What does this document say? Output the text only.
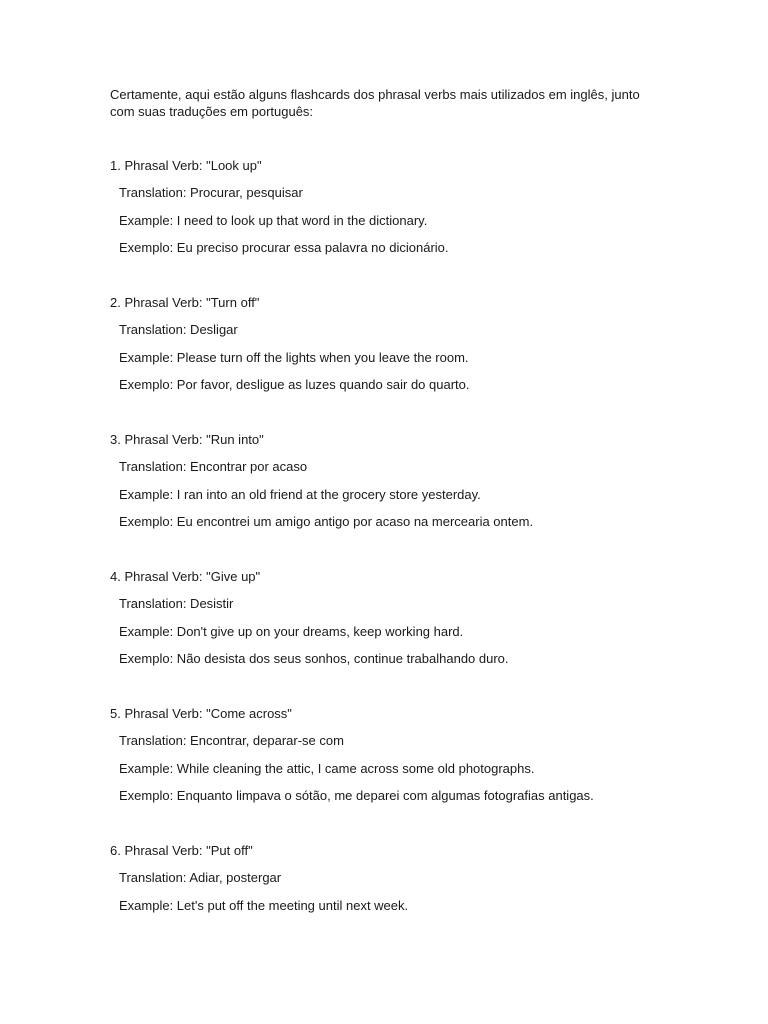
Certamente, aqui estão alguns flashcards dos phrasal verbs mais utilizados em inglês, junto com suas traduções em português:

1. Phrasal Verb: "Look up"
Translation: Procurar, pesquisar
Example: I need to look up that word in the dictionary.
Exemplo: Eu preciso procurar essa palavra no dicionário.
2. Phrasal Verb: "Turn off"
Translation: Desligar
Example: Please turn off the lights when you leave the room.
Exemplo: Por favor, desligue as luzes quando sair do quarto.
3. Phrasal Verb: "Run into"
Translation: Encontrar por acaso
Example: I ran into an old friend at the grocery store yesterday.
Exemplo: Eu encontrei um amigo antigo por acaso na mercearia ontem.
4. Phrasal Verb: "Give up"
Translation: Desistir
Example: Don't give up on your dreams, keep working hard.
Exemplo: Não desista dos seus sonhos, continue trabalhando duro.
5. Phrasal Verb: "Come across"
Translation: Encontrar, deparar-se com
Example: While cleaning the attic, I came across some old photographs.
Exemplo: Enquanto limpava o sótão, me deparei com algumas fotografias antigas.
6. Phrasal Verb: "Put off"
Translation: Adiar, postergar
Example: Let's put off the meeting until next week.
